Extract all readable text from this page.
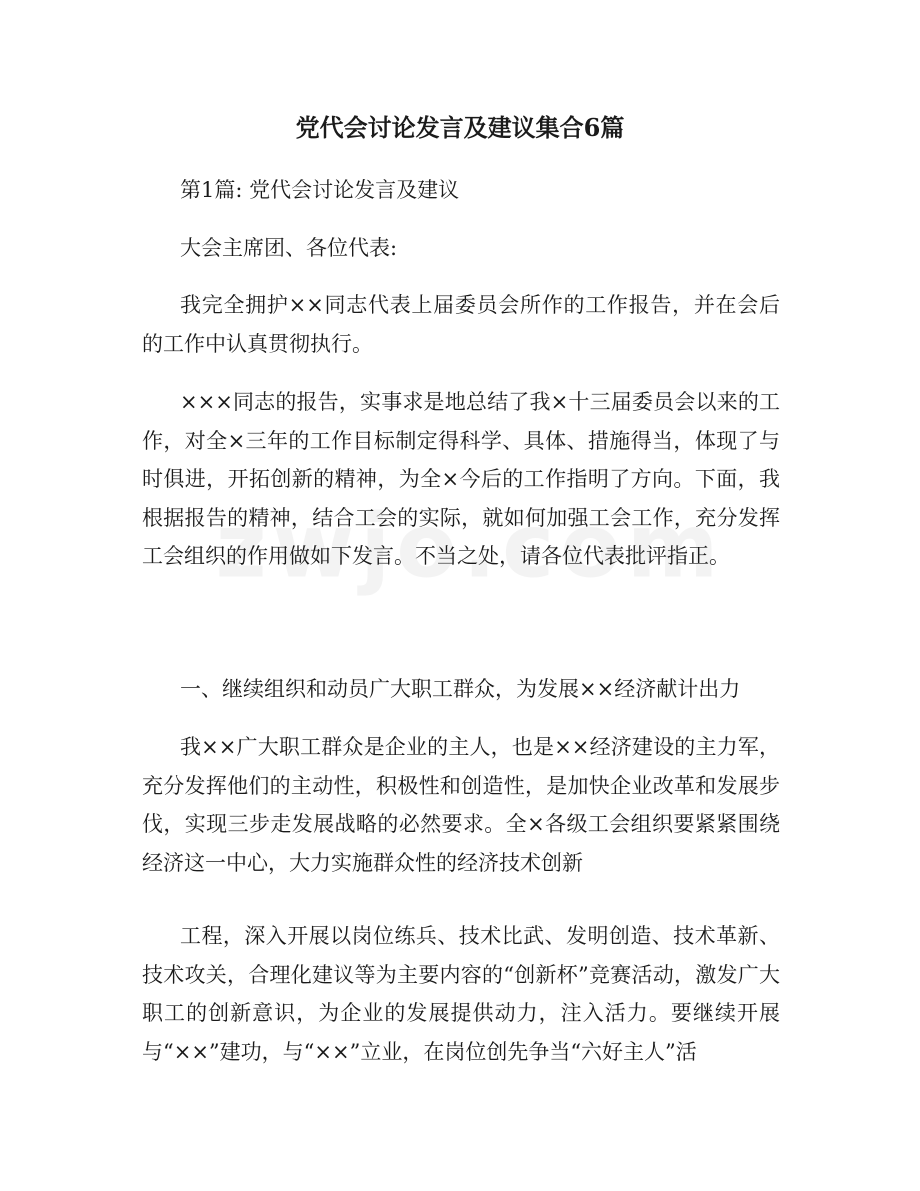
党代会讨论发言及建议集合6篇

第1篇: 党代会讨论发言及建议

大会主席团、各位代表:

我完全拥护××同志代表上届委员会所作的工作报告，并在会后的工作中认真贯彻执行。

×××同志的报告，实事求是地总结了我×十三届委员会以来的工作，对全×三年的工作目标制定得科学、具体、措施得当，体现了与时俱进，开拓创新的精神，为全×今后的工作指明了方向。下面，我根据报告的精神，结合工会的实际，就如何加强工会工作，充分发挥工会组织的作用做如下发言。不当之处，请各位代表批评指正。

一、继续组织和动员广大职工群众，为发展××经济献计出力

我××广大职工群众是企业的主人，也是××经济建设的主力军，充分发挥他们的主动性，积极性和创造性，是加快企业改革和发展步伐，实现三步走发展战略的必然要求。全×各级工会组织要紧紧围绕经济这一中心，大力实施群众性的经济技术创新

工程，深入开展以岗位练兵、技术比武、发明创造、技术革新、技术攻关，合理化建议等为主要内容的“创新杯”竞赛活动，激发广大职工的创新意识，为企业的发展提供动力，注入活力。要继续开展与“××”建功，与“××”立业，在岗位创先争当“六好主人”活
